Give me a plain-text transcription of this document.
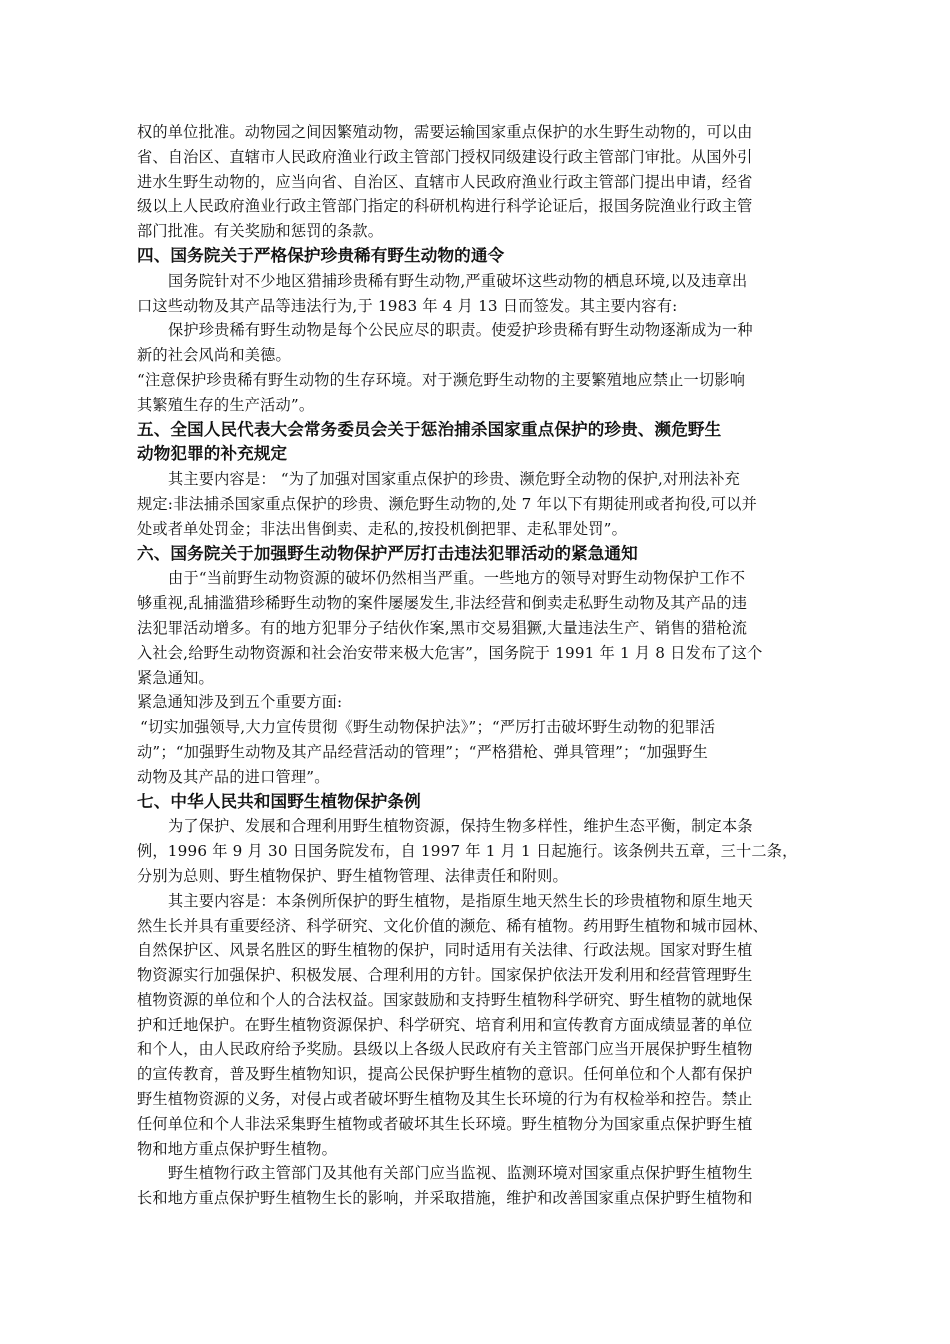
权的单位批准。动物园之间因繁殖动物，需要运输国家重点保护的水生野生动物的，可以由
省、自治区、直辖市人民政府渔业行政主管部门授权同级建设行政主管部门审批。从国外引
进水生野生动物的，应当向省、自治区、直辖市人民政府渔业行政主管部门提出申请，经省
级以上人民政府渔业行政主管部门指定的科研机构进行科学论证后，报国务院渔业行政主管
部门批准。有关奖励和惩罚的条款。
四、国务院关于严格保护珍贵稀有野生动物的通令
国务院针对不少地区猎捕珍贵稀有野生动物,严重破坏这些动物的栖息环境,以及违章出
口这些动物及其产品等违法行为,于 1983 年 4 月 13 日而签发。其主要内容有:
保护珍贵稀有野生动物是每个公民应尽的职责。使爱护珍贵稀有野生动物逐渐成为一种
新的社会风尚和美德。
“注意保护珍贵稀有野生动物的生存环境。对于濒危野生动物的主要繁殖地应禁止一切影响
其繁殖生存的生产活动”。
五、全国人民代表大会常务委员会关于惩治捕杀国家重点保护的珍贵、濒危野生
动物犯罪的补充规定
其主要内容是： “为了加强对国家重点保护的珍贵、濒危野全动物的保护,对刑法补充
规定:非法捕杀国家重点保护的珍贵、濒危野生动物的,处 7 年以下有期徒刑或者拘役,可以并
处或者单处罚金；非法出售倒卖、走私的,按投机倒把罪、走私罪处罚”。
六、国务院关于加强野生动物保护严厉打击违法犯罪活动的紧急通知
由于“当前野生动物资源的破坏仍然相当严重。一些地方的领导对野生动物保护工作不
够重视,乱捕滥猎珍稀野生动物的案件屡屡发生,非法经营和倒卖走私野生动物及其产品的违
法犯罪活动增多。有的地方犯罪分子结伙作案,黑市交易猖獗,大量违法生产、销售的猎枪流
入社会,给野生动物资源和社会治安带来极大危害”，国务院于 1991 年 1 月 8 日发布了这个
紧急通知。
紧急通知涉及到五个重要方面:
“切实加强领导,大力宣传贯彻《野生动物保护法》”；“严厉打击破坏野生动物的犯罪活
动”；“加强野生动物及其产品经营活动的管理”；“严格猎枪、弹具管理”；“加强野生
动物及其产品的进口管理”。
七、中华人民共和国野生植物保护条例
为了保护、发展和合理利用野生植物资源，保持生物多样性，维护生态平衡，制定本条
例，1996 年 9 月 30 日国务院发布，自 1997 年 1 月 1 日起施行。该条例共五章，三十二条，
分别为总则、野生植物保护、野生植物管理、法律责任和附则。
其主要内容是：本条例所保护的野生植物，是指原生地天然生长的珍贵植物和原生地天
然生长并具有重要经济、科学研究、文化价值的濒危、稀有植物。药用野生植物和城市园林、
自然保护区、风景名胜区的野生植物的保护，同时适用有关法律、行政法规。国家对野生植
物资源实行加强保护、积极发展、合理利用的方针。国家保护依法开发利用和经营管理野生
植物资源的单位和个人的合法权益。国家鼓励和支持野生植物科学研究、野生植物的就地保
护和迁地保护。在野生植物资源保护、科学研究、培育利用和宣传教育方面成绩显著的单位
和个人，由人民政府给予奖励。县级以上各级人民政府有关主管部门应当开展保护野生植物
的宣传教育，普及野生植物知识，提高公民保护野生植物的意识。任何单位和个人都有保护
野生植物资源的义务，对侵占或者破坏野生植物及其生长环境的行为有权检举和控告。禁止
任何单位和个人非法采集野生植物或者破坏其生长环境。野生植物分为国家重点保护野生植
物和地方重点保护野生植物。
野生植物行政主管部门及其他有关部门应当监视、监测环境对国家重点保护野生植物生
长和地方重点保护野生植物生长的影响，并采取措施，维护和改善国家重点保护野生植物和
